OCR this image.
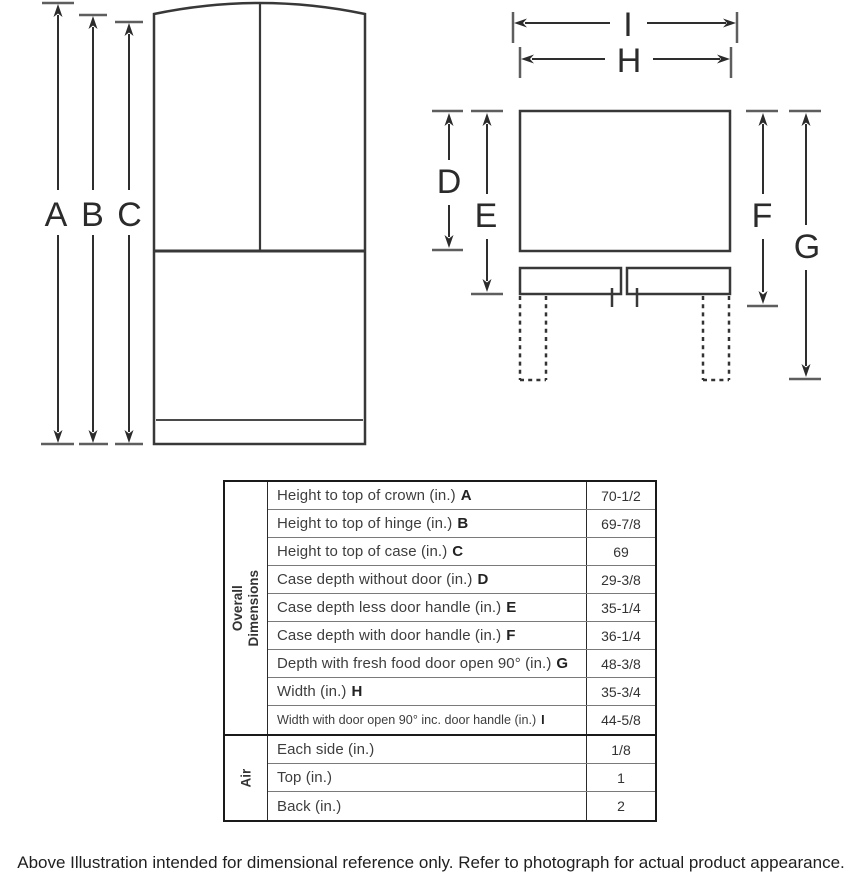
A B C
I
H
D
E	F
G
Overall Dimensions
Height to top of crown (in.) A	70-1/2
Height to top of hinge (in.) B	69-7/8
Height to top of case (in.) C	69
Case depth without door (in.) D	29-3/8
Case depth less door handle (in.) E	35-1/4
Case depth with door handle (in.) F	36-1/4
Depth with fresh food door open 90° (in.) G	48-3/8
Width (in.) H	35-3/4
Width with door open 90° inc. door handle (in.) I	44-5/8
Air
Each side (in.)	1/8
Top (in.)	1
Back (in.)	2
Above Illustration intended for dimensional reference only. Refer to photograph for actual product appearance.
